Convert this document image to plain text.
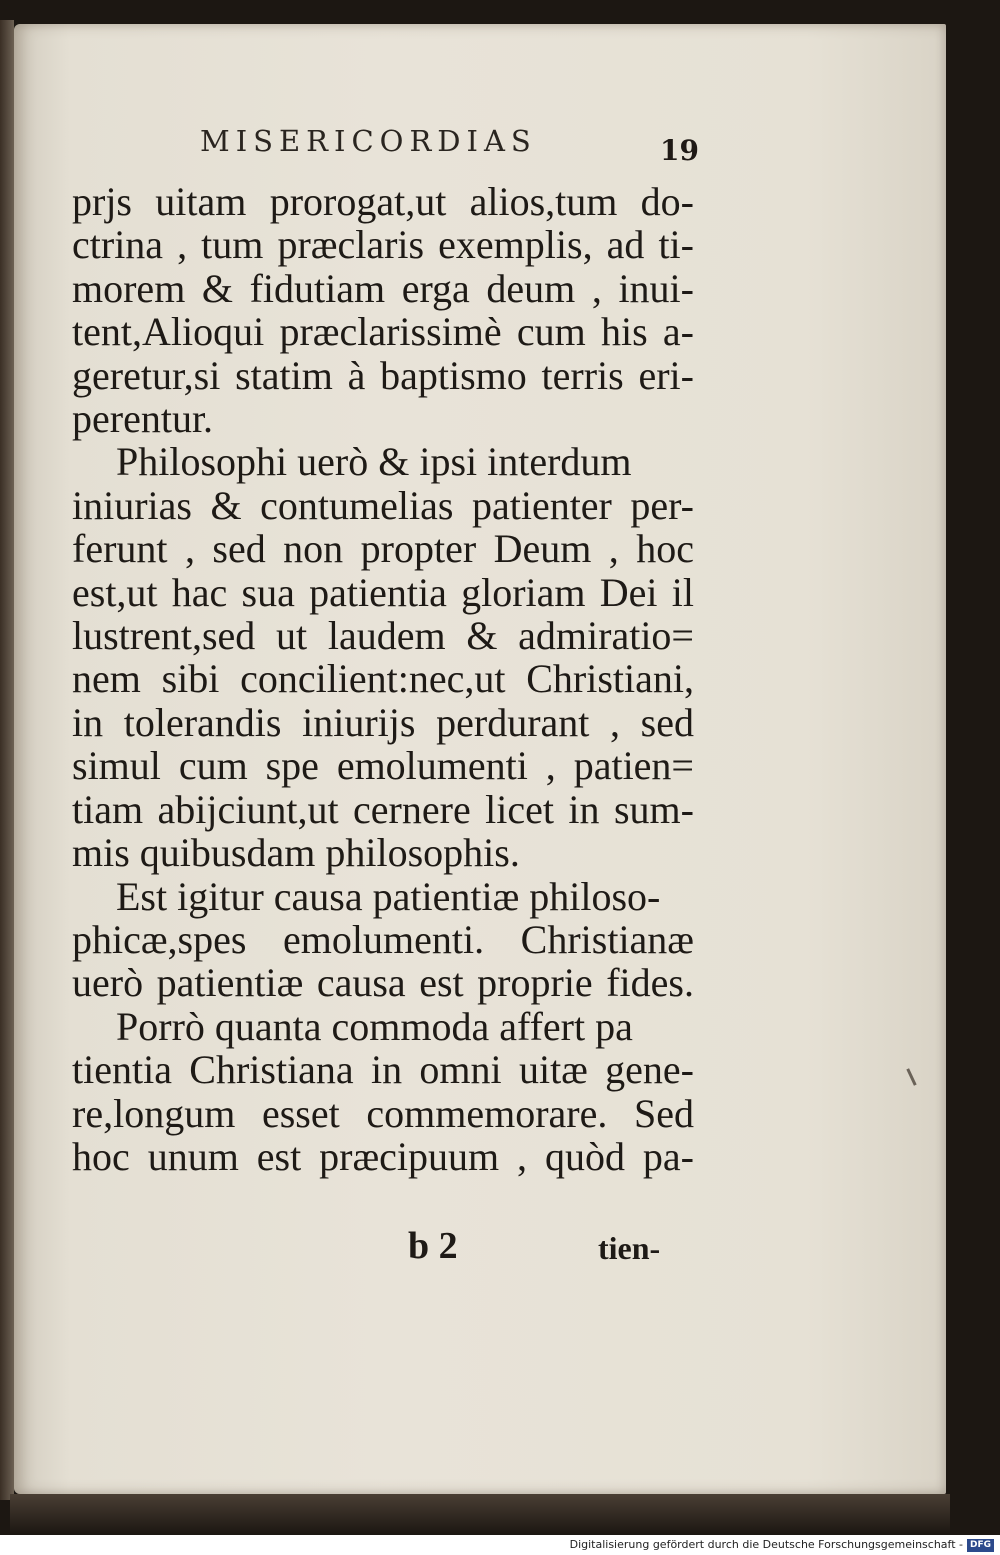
MISERICORDIAS	19
prjs uitam prorogat,ut alios,tum do-
ctrina , tum præclaris exemplis, ad ti-
morem & fidutiam erga deum , inui-
tent,Alioqui præclarissimè cum his a-
geretur,si statim à baptismo terris eri-
perentur.
Philosophi uerò & ipsi interdum
iniurias & contumelias patienter per-
ferunt , sed non propter Deum , hoc
est,ut hac sua patientia gloriam Dei il
lustrent,sed ut laudem & admiratio=
nem sibi concilient:nec,ut Christiani,
in tolerandis iniurijs perdurant , sed
simul cum spe emolumenti , patien=
tiam abijciunt,ut cernere licet in sum-
mis quibusdam philosophis.
Est igitur causa patientiæ philoso-
phicæ,spes emolumenti. Christianæ
uerò patientiæ causa est proprie fides.
Porrò quanta commoda affert pa
tientia Christiana in omni uitæ gene-
re,longum esset commemorare. Sed
hoc unum est præcipuum , quòd pa-
b 2	tien-
Digitalisierung gefördert durch die Deutsche Forschungsgemeinschaft - DFG
